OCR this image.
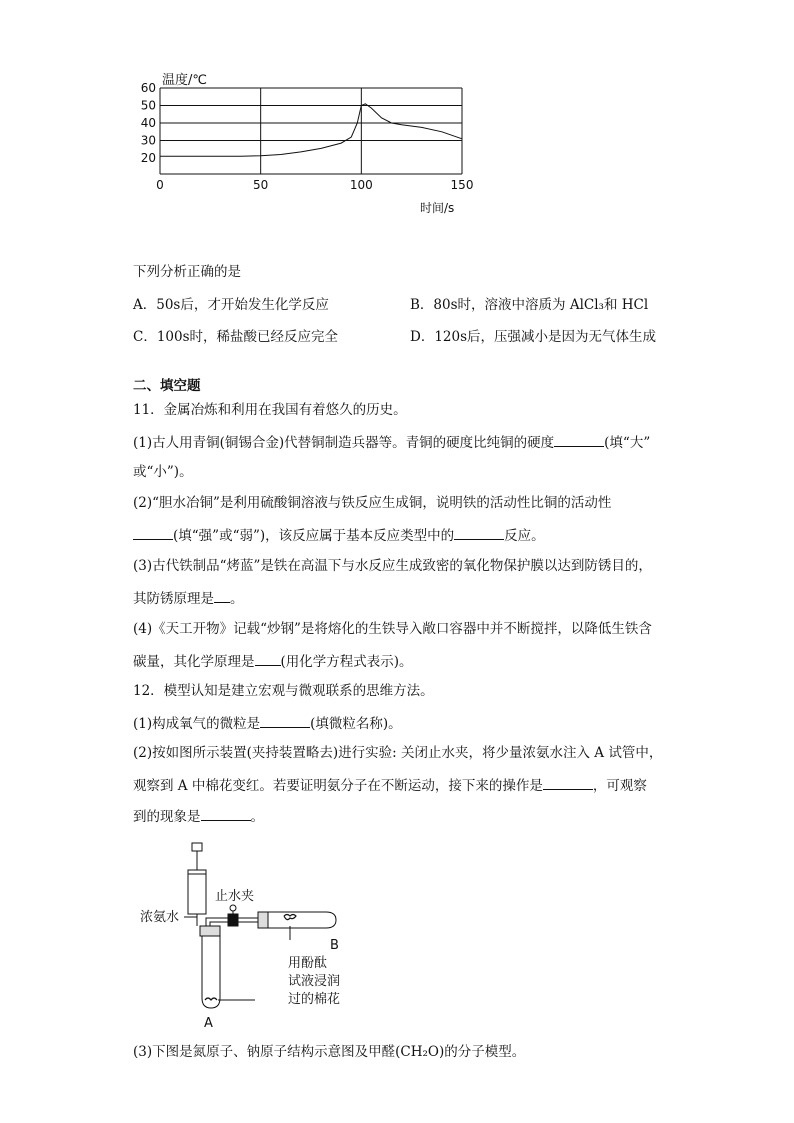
60
50
40
30
20
0	50	100	150
温度/℃
时间/s
下列分析正确的是
A．50s后，才开始发生化学反应	B．80s时，溶液中溶质为 AlCl₃和 HCl
C．100s时，稀盐酸已经反应完全	D．120s后，压强减小是因为无气体生成
二、填空题
11．金属冶炼和利用在我国有着悠久的历史。
(1)古人用青铜(铜锡合金)代替铜制造兵器等。青铜的硬度比纯铜的硬度	(填“大”
或“小”)。
(2)“胆水冶铜”是利用硫酸铜溶液与铁反应生成铜，说明铁的活动性比铜的活动性
(填“强”或“弱”)，该反应属于基本反应类型中的	反应。
(3)古代铁制品“烤蓝”是铁在高温下与水反应生成致密的氧化物保护膜以达到防锈目的，
其防锈原理是 。
(4)《天工开物》记载“炒钢”是将熔化的生铁导入敞口容器中并不断搅拌，以降低生铁含
碳量，其化学原理是 (用化学方程式表示)。
12．模型认知是建立宏观与微观联系的思维方法。
(1)构成氧气的微粒是	(填微粒名称)。
(2)按如图所示装置(夹持装置略去)进行实验: 关闭止水夹，将少量浓氨水注入 A 试管中，
观察到 A 中棉花变红。若要证明氨分子在不断运动，接下来的操作是	，可观察
到的现象是	。
浓氨水
止水夹
B
用酚酞
试液浸润
过的棉花
A
(3)下图是氮原子、钠原子结构示意图及甲醛(CH₂O)的分子模型。
